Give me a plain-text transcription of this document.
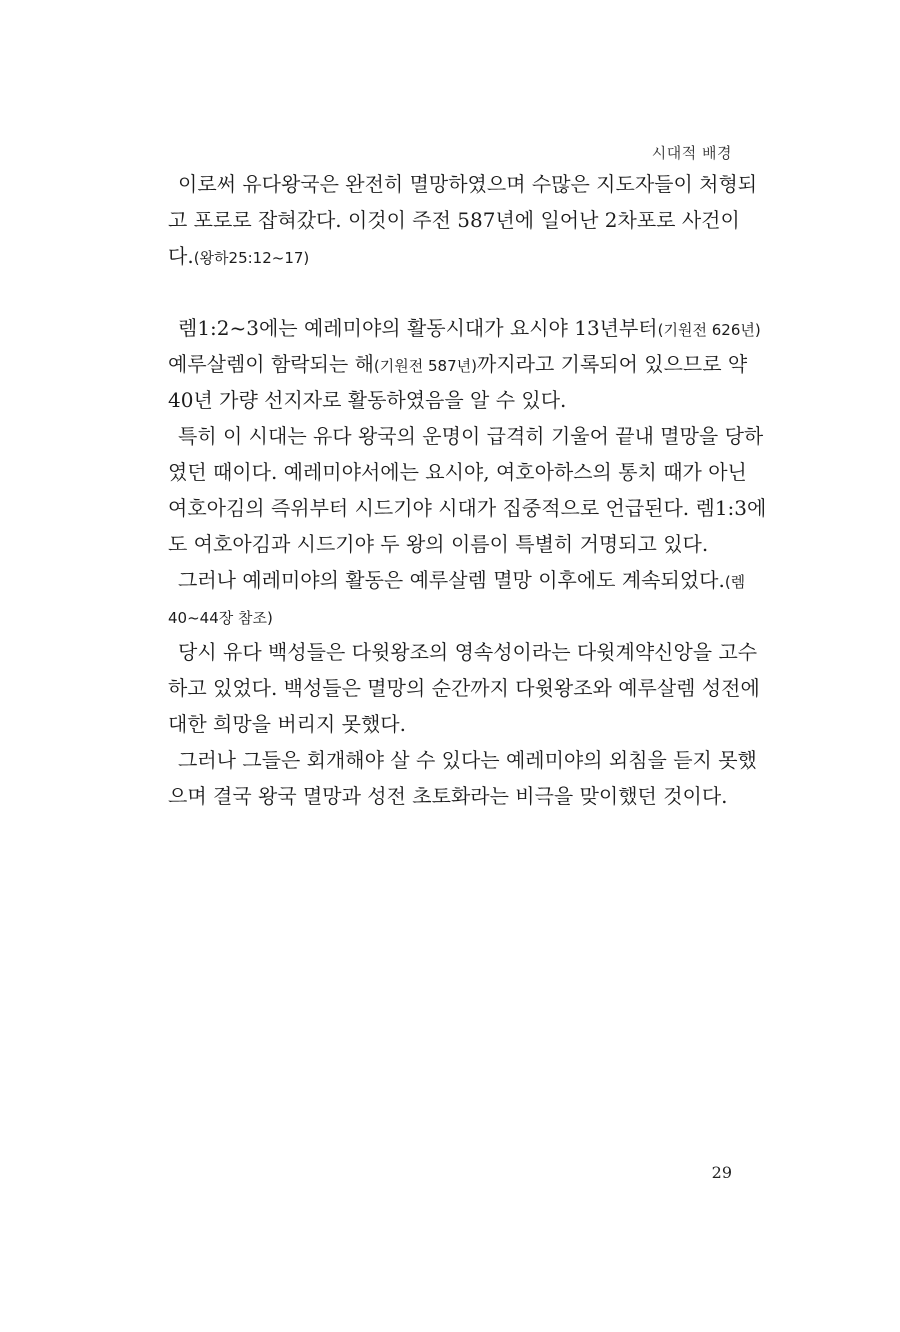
시대적 배경
이로써 유다왕국은 완전히 멸망하였으며 수많은 지도자들이 처형되
고 포로로 잡혀갔다. 이것이 주전 587년에 일어난 2차포로 사건이
다.(왕하25:12~17)
렘1:2~3에는 예레미야의 활동시대가 요시야 13년부터(기원전 626년)
예루살렘이 함락되는 해(기원전 587년)까지라고 기록되어 있으므로 약
40년 가량 선지자로 활동하였음을 알 수 있다.
특히 이 시대는 유다 왕국의 운명이 급격히 기울어 끝내 멸망을 당하
였던 때이다. 예레미야서에는 요시야, 여호아하스의 통치 때가 아닌
여호아김의 즉위부터 시드기야 시대가 집중적으로 언급된다. 렘1:3에
도 여호아김과 시드기야 두 왕의 이름이 특별히 거명되고 있다.
그러나 예레미야의 활동은 예루살렘 멸망 이후에도 계속되었다.(렘
40~44장 참조)
당시 유다 백성들은 다윗왕조의 영속성이라는 다윗계약신앙을 고수
하고 있었다. 백성들은 멸망의 순간까지 다윗왕조와 예루살렘 성전에
대한 희망을 버리지 못했다.
그러나 그들은 회개해야 살 수 있다는 예레미야의 외침을 듣지 못했
으며 결국 왕국 멸망과 성전 초토화라는 비극을 맞이했던 것이다.
29
